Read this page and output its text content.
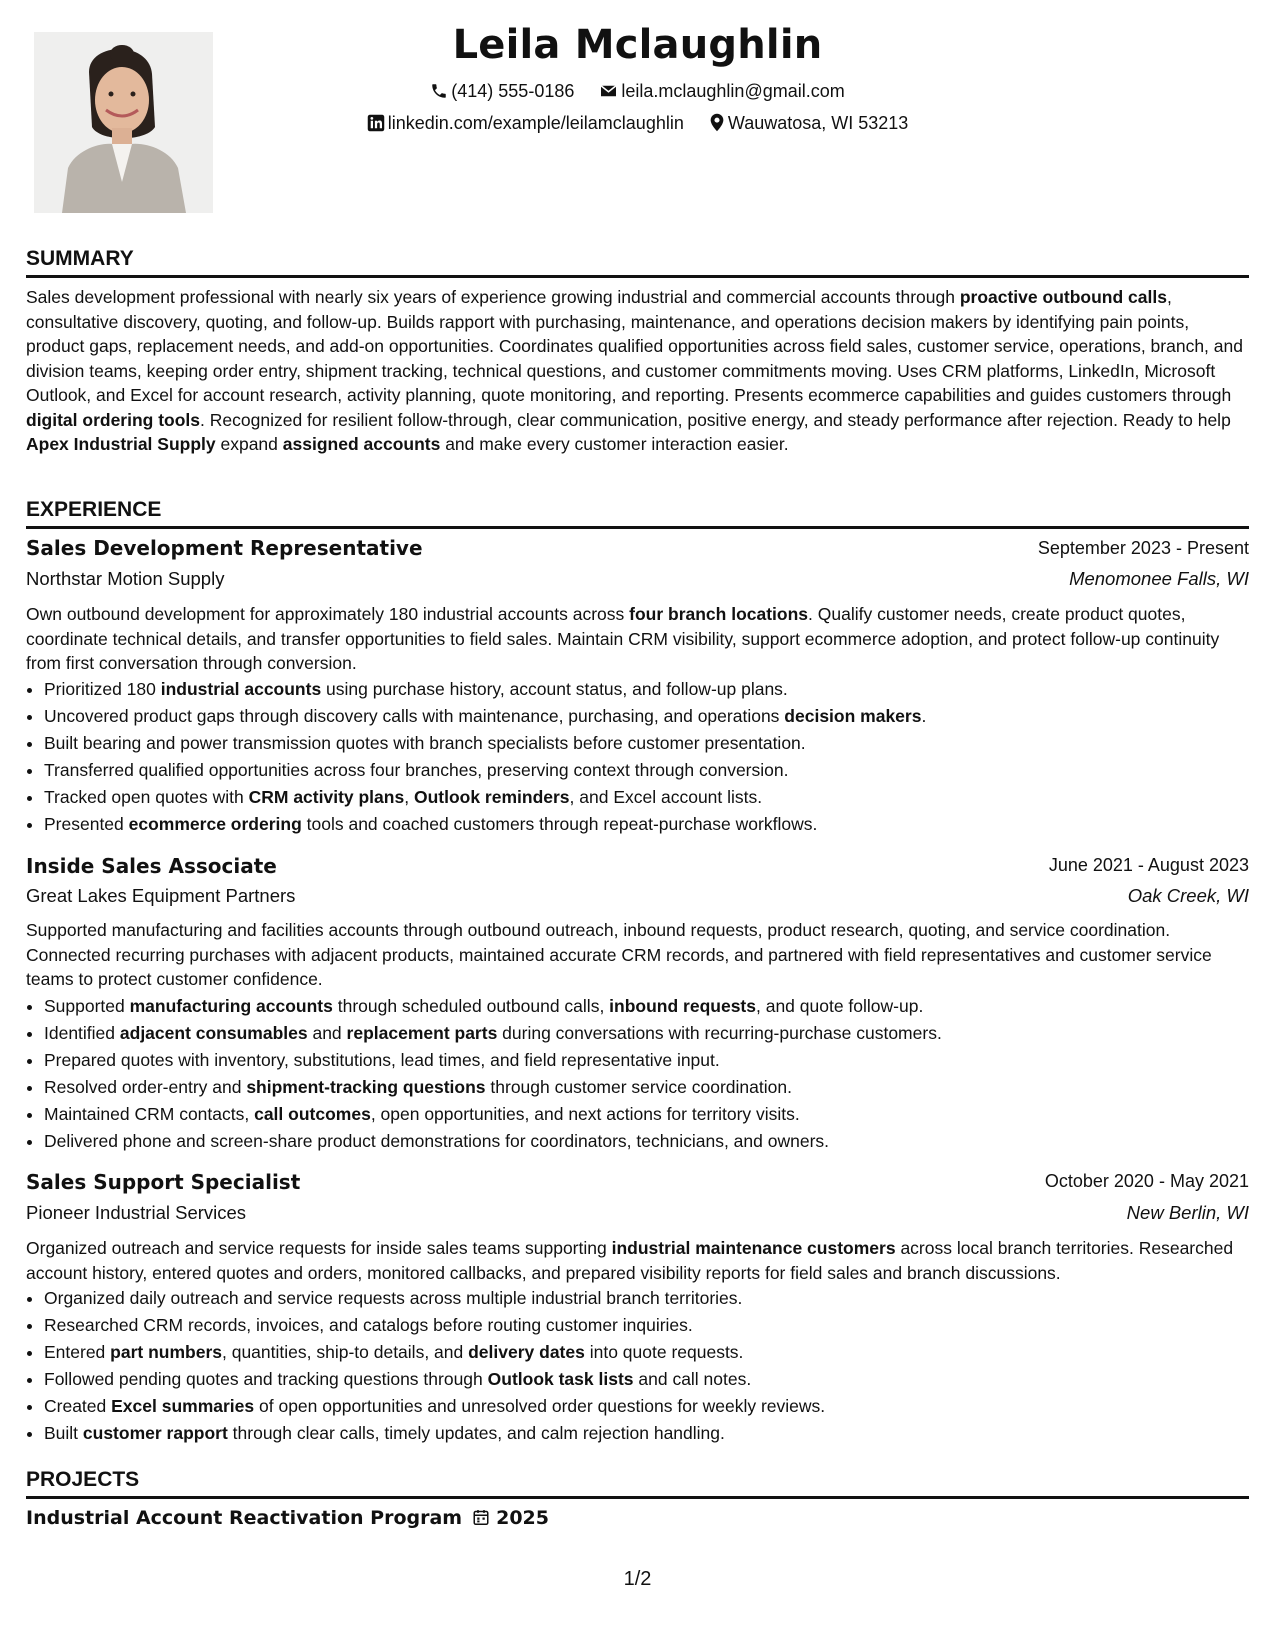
Leila Mclaughlin
(414) 555-0186	leila.mclaughlin@gmail.com
linkedin.com/example/leilamclaughlin Wauwatosa, WI 53213
SUMMARY
Sales development professional with nearly six years of experience growing industrial and commercial accounts through proactive outbound calls, consultative discovery, quoting, and follow-up. Builds rapport with purchasing, maintenance, and operations decision makers by identifying pain points, product gaps, replacement needs, and add-on opportunities. Coordinates qualified opportunities across field sales, customer service, operations, branch, and division teams, keeping order entry, shipment tracking, technical questions, and customer commitments moving. Uses CRM platforms, LinkedIn, Microsoft Outlook, and Excel for account research, activity planning, quote monitoring, and reporting. Presents ecommerce capabilities and guides customers through digital ordering tools. Recognized for resilient follow-through, clear communication, positive energy, and steady performance after rejection. Ready to help Apex Industrial Supply expand assigned accounts and make every customer interaction easier.
EXPERIENCE
Sales Development Representative	September 2023 - Present
Northstar Motion Supply	Menomonee Falls, WI
Own outbound development for approximately 180 industrial accounts across four branch locations. Qualify customer needs, create product quotes, coordinate technical details, and transfer opportunities to field sales. Maintain CRM visibility, support ecommerce adoption, and protect follow-up continuity from first conversation through conversion.
• Prioritized 180 industrial accounts using purchase history, account status, and follow-up plans.
• Uncovered product gaps through discovery calls with maintenance, purchasing, and operations decision makers.
• Built bearing and power transmission quotes with branch specialists before customer presentation.
• Transferred qualified opportunities across four branches, preserving context through conversion.
• Tracked open quotes with CRM activity plans, Outlook reminders, and Excel account lists.
• Presented ecommerce ordering tools and coached customers through repeat-purchase workflows.
Inside Sales Associate	June 2021 - August 2023
Great Lakes Equipment Partners	Oak Creek, WI
Supported manufacturing and facilities accounts through outbound outreach, inbound requests, product research, quoting, and service coordination. Connected recurring purchases with adjacent products, maintained accurate CRM records, and partnered with field representatives and customer service teams to protect customer confidence.
• Supported manufacturing accounts through scheduled outbound calls, inbound requests, and quote follow-up.
• Identified adjacent consumables and replacement parts during conversations with recurring-purchase customers.
• Prepared quotes with inventory, substitutions, lead times, and field representative input.
• Resolved order-entry and shipment-tracking questions through customer service coordination.
• Maintained CRM contacts, call outcomes, open opportunities, and next actions for territory visits.
• Delivered phone and screen-share product demonstrations for coordinators, technicians, and owners.
Sales Support Specialist	October 2020 - May 2021
Pioneer Industrial Services	New Berlin, WI
Organized outreach and service requests for inside sales teams supporting industrial maintenance customers across local branch territories. Researched account history, entered quotes and orders, monitored callbacks, and prepared visibility reports for field sales and branch discussions.
• Organized daily outreach and service requests across multiple industrial branch territories.
• Researched CRM records, invoices, and catalogs before routing customer inquiries.
• Entered part numbers, quantities, ship-to details, and delivery dates into quote requests.
• Followed pending quotes and tracking questions through Outlook task lists and call notes.
• Created Excel summaries of open opportunities and unresolved order questions for weekly reviews.
• Built customer rapport through clear calls, timely updates, and calm rejection handling.
PROJECTS
Industrial Account Reactivation Program 2025
1/2
